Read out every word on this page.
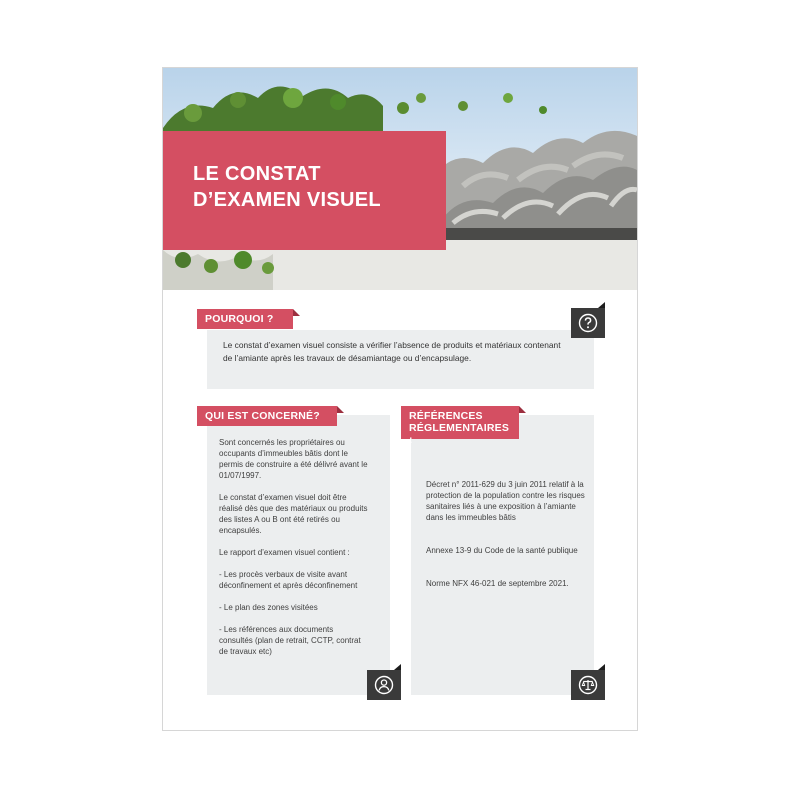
LE CONSTAT
D’EXAMEN VISUEL
Le constat d’examen visuel consiste a vérifier l’absence de produits et matériaux contenant de l’amiante après les travaux de désamiantage ou d’encapsulage.
POURQUOI ?

Sont concernés les propriétaires ou occupants d’immeubles bâtis dont le permis de construire a été délivré avant le 01/07/1997.

Le constat d’examen visuel doit être réalisé dès que des matériaux ou produits des listes A ou B ont été retirés ou encapsulés.

Le rapport d’examen visuel contient :

- Les procès verbaux de visite avant déconfinement et après déconfinement

- Le plan des zones visitées

- Les références aux documents consultés (plan de retrait, CCTP, contrat de travaux etc)

QUI EST CONCERNÉ?

Décret n° 2011-629 du 3 juin 2011 relatif à la protection de la population contre les risques sanitaires liés à une exposition à l’amiante dans les immeubles bâtis

Annexe 13-9 du Code de la santé publique

Norme NFX 46-021 de septembre 2021.

RÉFÉRENCES
RÉGLEMENTAIRES :
